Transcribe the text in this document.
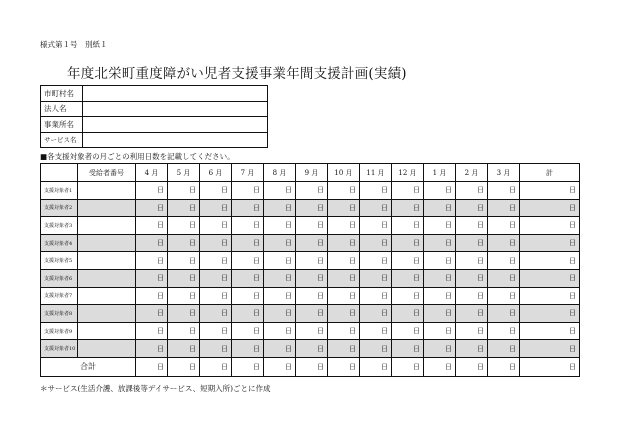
様式第１号　別紙１
年度北栄町重度障がい児者支援事業年間支援計画(実績)
市町村名	
法人名	
事業所名	
サービス名	
■各支援対象者の月ごとの利用日数を記載してください。
	受給者番号	4 月	5 月	6 月	7 月	8 月	9 月	10 月	11 月	12 月	1 月	2 月	3 月	計
支援対象者1		日	日	日	日	日	日	日	日	日	日	日	日	日
支援対象者2		日	日	日	日	日	日	日	日	日	日	日	日	日
支援対象者3		日	日	日	日	日	日	日	日	日	日	日	日	日
支援対象者4		日	日	日	日	日	日	日	日	日	日	日	日	日
支援対象者5		日	日	日	日	日	日	日	日	日	日	日	日	日
支援対象者6		日	日	日	日	日	日	日	日	日	日	日	日	日
支援対象者7		日	日	日	日	日	日	日	日	日	日	日	日	日
支援対象者8		日	日	日	日	日	日	日	日	日	日	日	日	日
支援対象者9		日	日	日	日	日	日	日	日	日	日	日	日	日
支援対象者10		日	日	日	日	日	日	日	日	日	日	日	日	日
合計		日	日	日	日	日	日	日	日	日	日	日	日	日
＊サービス(生活介護、放課後等デイサービス、短期入所)ごとに作成
